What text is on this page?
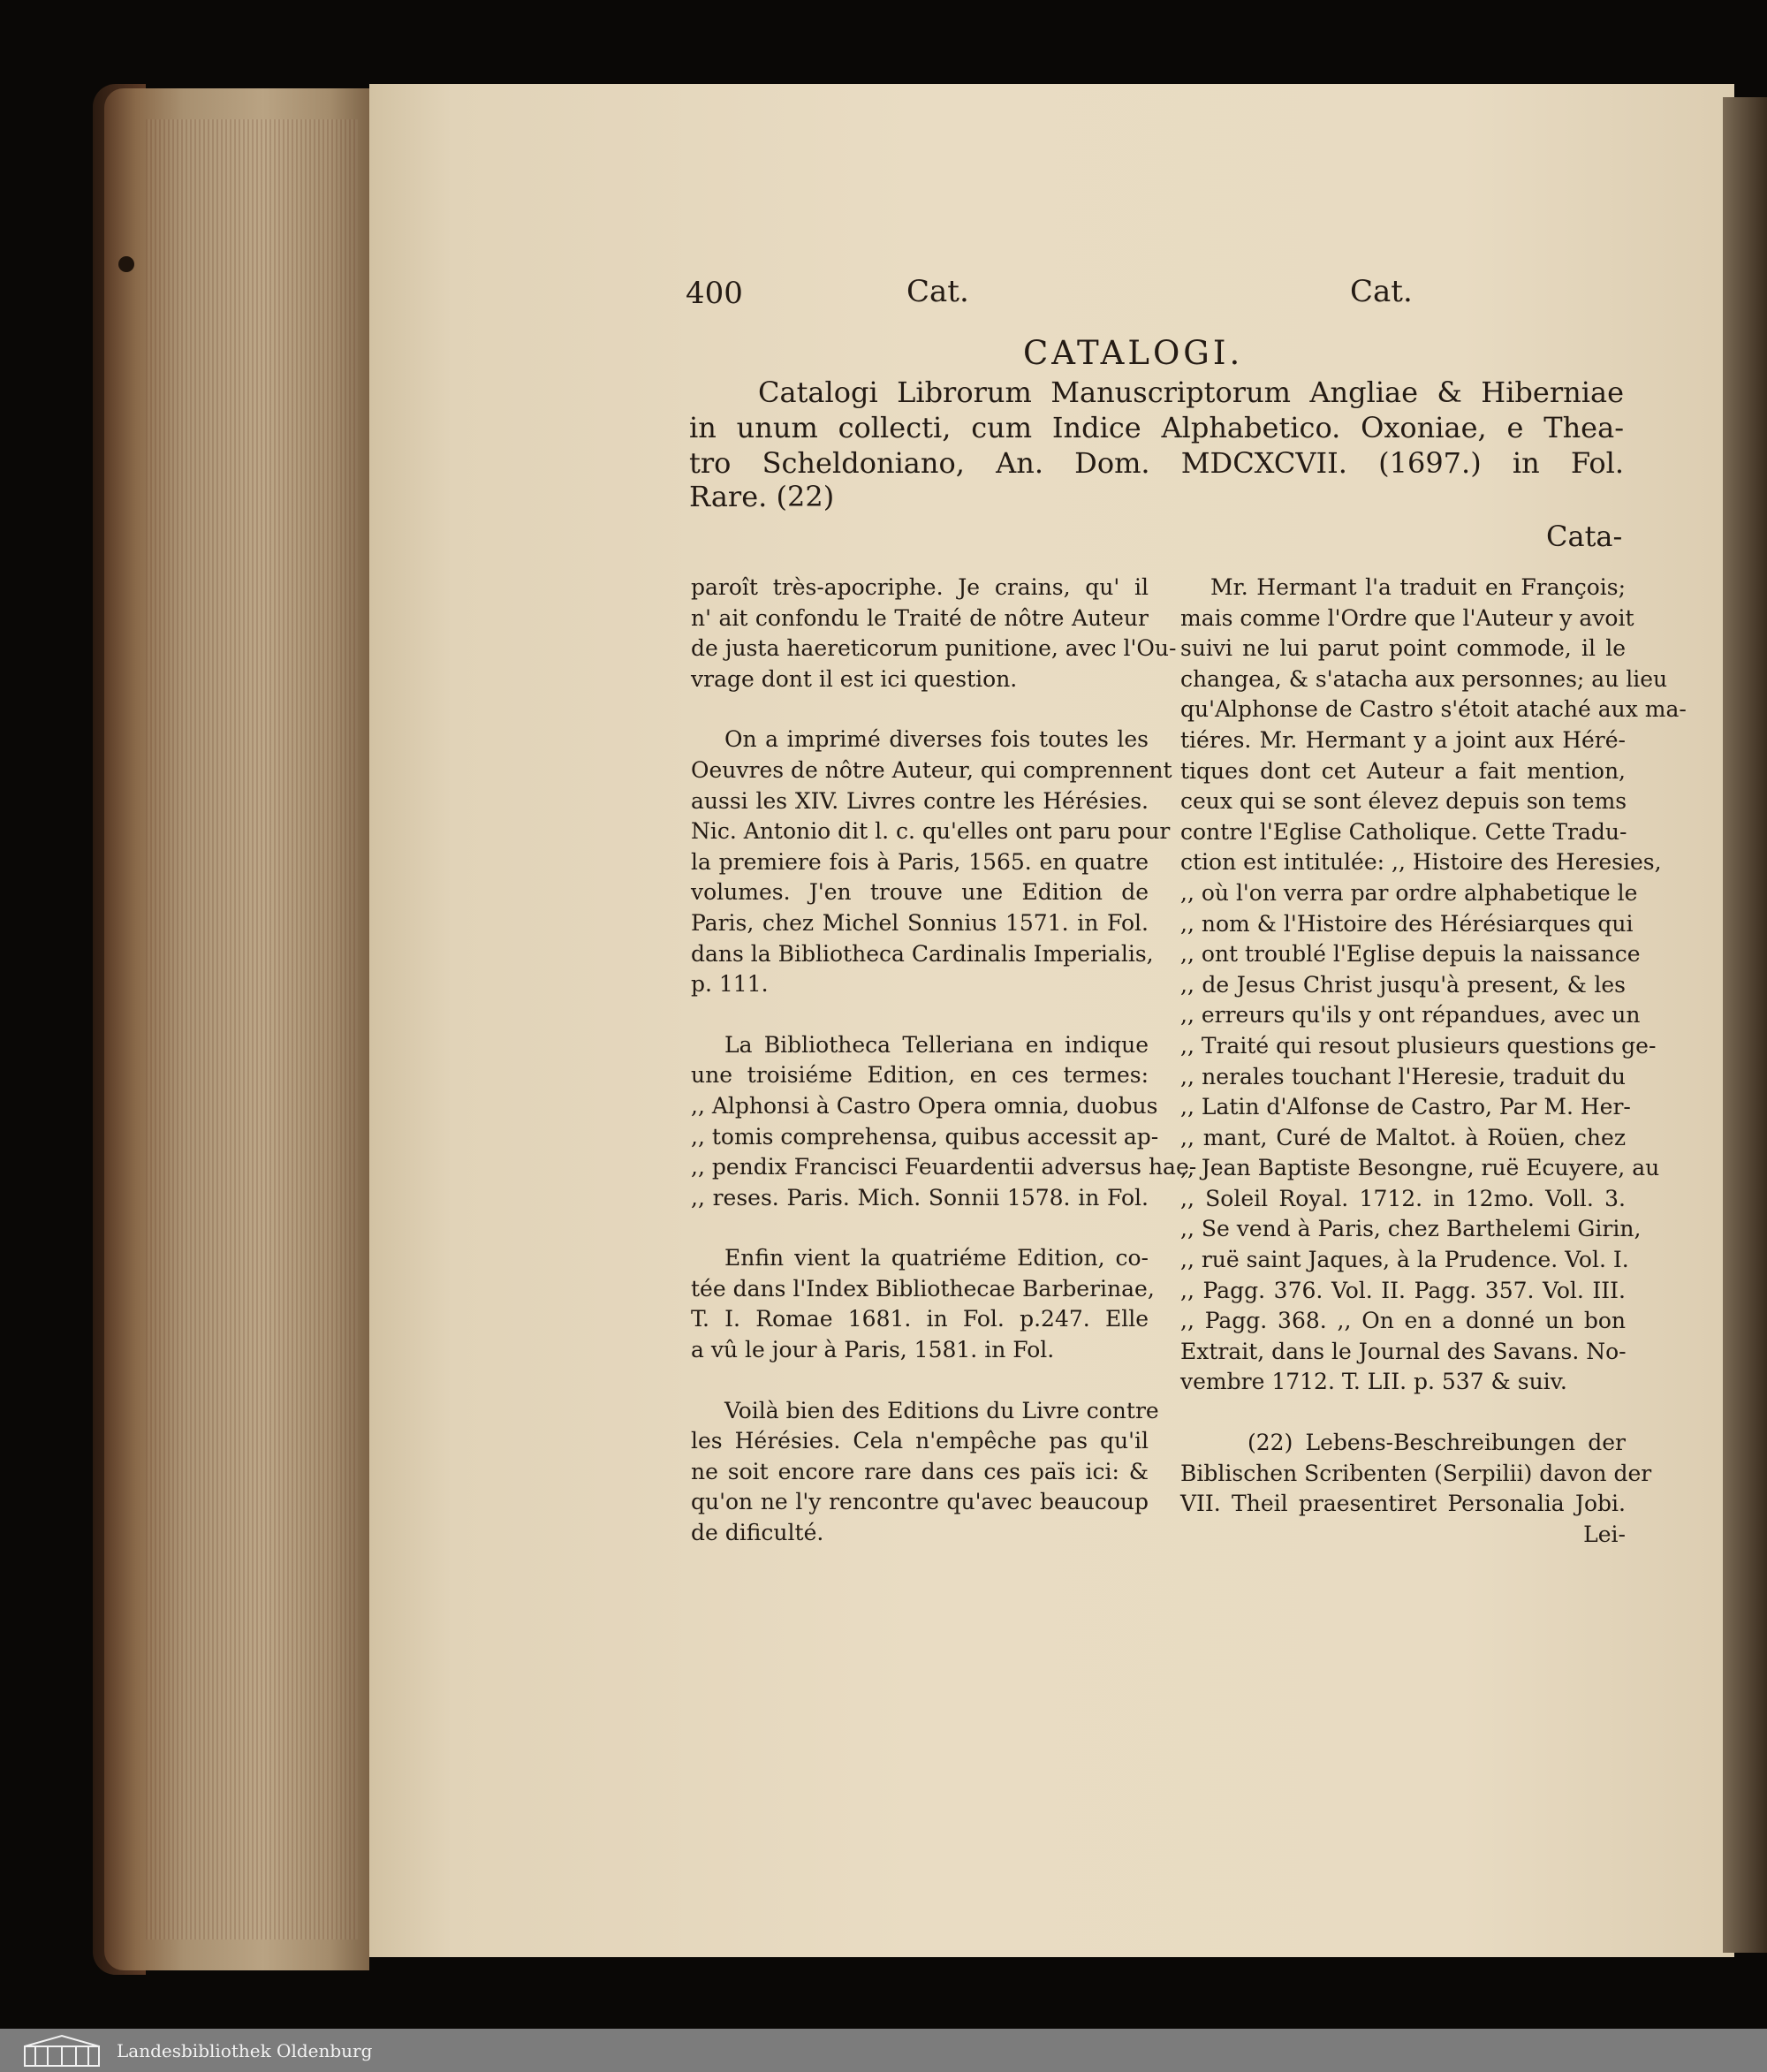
400	Cat.	Cat.
CATALOGI.
Catalogi Librorum Manuscriptorum Angliae & Hiberniae
in unum collecti, cum Indice Alphabetico. Oxoniae, e Thea-
tro Scheldoniano, An. Dom. MDCXCVII. (1697.) in Fol.
Rare. (22)
Cata-
paroît très-apocriphe. Je crains, qu' il
n' ait confondu le Traité de nôtre Auteur
de justa haereticorum punitione, avec l'Ou-
vrage dont il est ici question.
On a imprimé diverses fois toutes les
Oeuvres de nôtre Auteur, qui comprennent
aussi les XIV. Livres contre les Hérésies.
Nic. Antonio dit l. c. qu'elles ont paru pour
la premiere fois à Paris, 1565. en quatre
volumes. J'en trouve une Edition de
Paris, chez Michel Sonnius 1571. in Fol.
dans la Bibliotheca Cardinalis Imperialis,
p. 111.
La Bibliotheca Telleriana en indique
une troisiéme Edition, en ces termes:
,, Alphonsi à Castro Opera omnia, duobus
,, tomis comprehensa, quibus accessit ap-
,, pendix Francisci Feuardentii adversus hae-
,, reses. Paris. Mich. Sonnii 1578. in Fol.
Enfin vient la quatriéme Edition, co-
tée dans l'Index Bibliothecae Barberinae,
T. I. Romae 1681. in Fol. p.247. Elle
a vû le jour à Paris, 1581. in Fol.
Voilà bien des Editions du Livre contre
les Hérésies. Cela n'empêche pas qu'il
ne soit encore rare dans ces païs ici: &
qu'on ne l'y rencontre qu'avec beaucoup
de dificulté.
Mr. Hermant l'a traduit en François;
mais comme l'Ordre que l'Auteur y avoit
suivi ne lui parut point commode, il le
changea, & s'atacha aux personnes; au lieu
qu'Alphonse de Castro s'étoit ataché aux ma-
tiéres. Mr. Hermant y a joint aux Héré-
tiques dont cet Auteur a fait mention,
ceux qui se sont élevez depuis son tems
contre l'Eglise Catholique. Cette Tradu-
ction est intitulée: ,, Histoire des Heresies,
,, où l'on verra par ordre alphabetique le
,, nom & l'Histoire des Hérésiarques qui
,, ont troublé l'Eglise depuis la naissance
,, de Jesus Christ jusqu'à present, & les
,, erreurs qu'ils y ont répandues, avec un
,, Traité qui resout plusieurs questions ge-
,, nerales touchant l'Heresie, traduit du
,, Latin d'Alfonse de Castro, Par M. Her-
,, mant, Curé de Maltot. à Roüen, chez
,, Jean Baptiste Besongne, ruë Ecuyere, au
,, Soleil Royal. 1712. in 12mo. Voll. 3.
,, Se vend à Paris, chez Barthelemi Girin,
,, ruë saint Jaques, à la Prudence. Vol. I.
,, Pagg. 376. Vol. II. Pagg. 357. Vol. III.
,, Pagg. 368. ,, On en a donné un bon
Extrait, dans le Journal des Savans. No-
vembre 1712. T. LII. p. 537 & suiv.
(22) Lebens-Beschreibungen der
Biblischen Scribenten (Serpilii) davon der
VII. Theil praesentiret Personalia Jobi.
Lei-
Landesbibliothek Oldenburg
